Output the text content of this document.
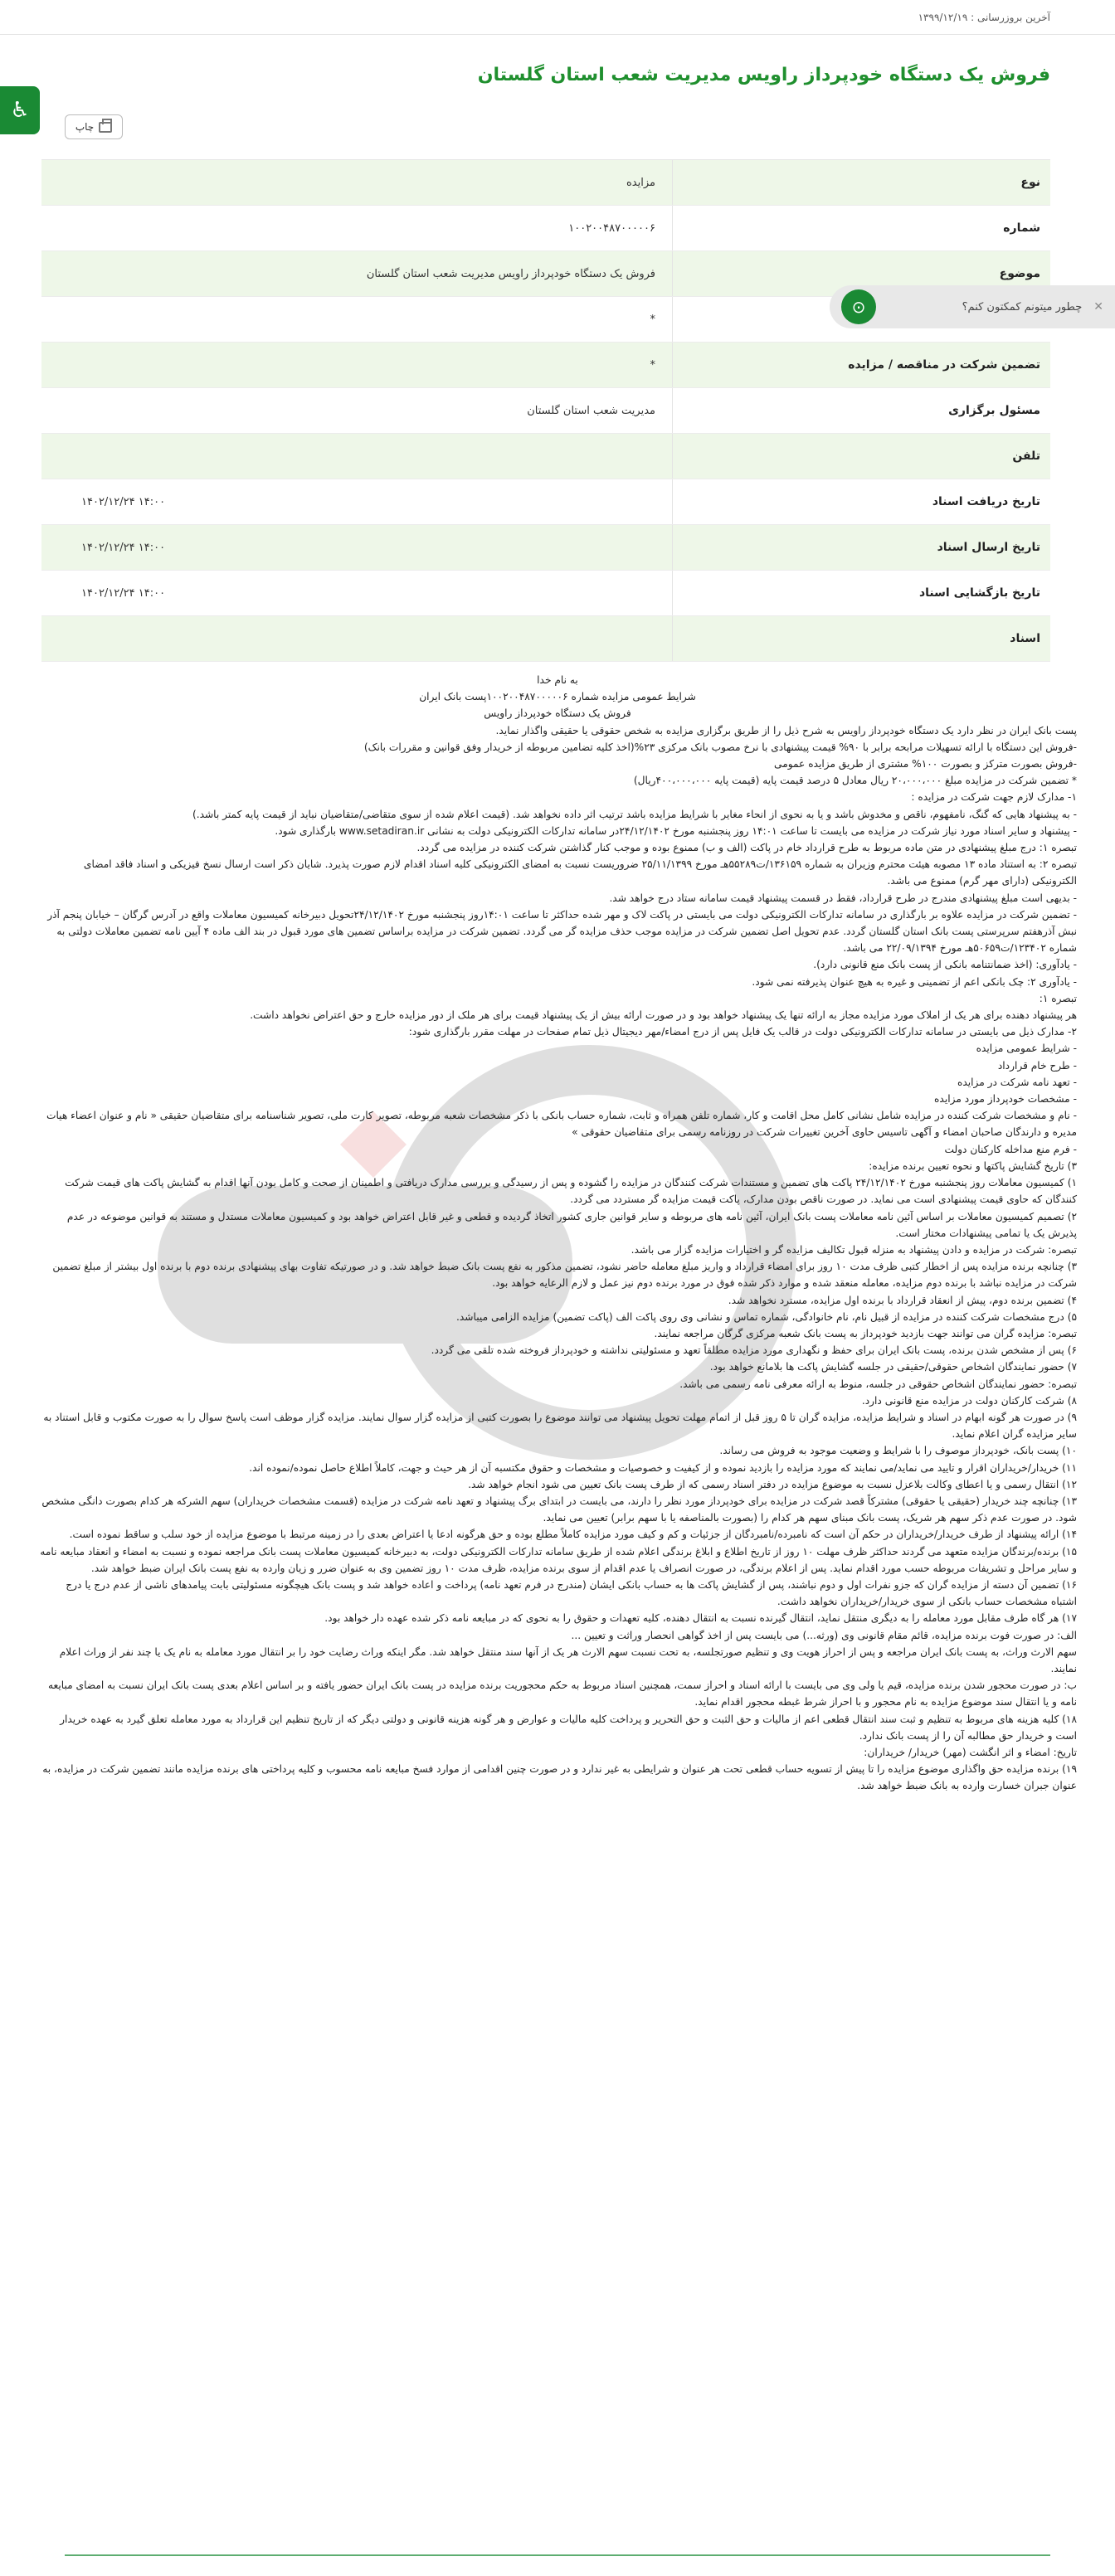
آخرین بروزرسانی : ۱۳۹۹/۱۲/۱۹
♿
فروش یک دستگاه خودپرداز راویس مدیریت شعب استان گلستان
چاپ
نوع
مزایده
شماره
۱۰۰۲۰۰۴۸۷۰۰۰۰۰۶
موضوع
فروش یک دستگاه خودپرداز راویس مدیریت شعب استان گلستان
*
تضمین شرکت در مناقصه / مزایده
*
مسئول برگزاری
مدیریت شعب استان گلستان
تلفن
تاریخ دریافت اسناد
۱۴:۰۰ ۱۴۰۲/۱۲/۲۴
تاریخ ارسال اسناد
۱۴:۰۰ ۱۴۰۲/۱۲/۲۴
تاریخ بازگشایی اسناد
۱۴:۰۰ ۱۴۰۲/۱۲/۲۴
اسناد
✕
چطور میتونم کمکتون کنم؟
⊙

به نام خدا

شرایط عمومی مزایده شماره ۱۰۰۲۰۰۴۸۷۰۰۰۰۰۶پست بانک ایران

فروش یک دستگاه خودپرداز راویس

پست بانک ایران در نظر دارد یک دستگاه خودپرداز راویس به شرح ذیل را از طریق برگزاری مزایده به شخص حقوقی یا حقیقی واگذار نماید.

-فروش این دستگاه با ارائه تسهیلات مرابحه برابر با ۹۰% قیمت پیشنهادی با نرخ مصوب بانک مرکزی ۲۳%(اخذ کلیه تضامین مربوطه از خریدار وفق قوانین و مقررات بانک)

-فروش بصورت مترکز و بصورت ۱۰۰% مشتری از طریق مزایده عمومی

* تضمین شرکت در مزایده مبلغ ۲۰،۰۰۰،۰۰۰ ریال معادل ۵ درصد قیمت پایه (قیمت پایه ۴۰۰،۰۰۰،۰۰۰ریال)

۱- مدارک لازم جهت شرکت در مزایده :

- به پیشنهاد هایی که گنگ، نامفهوم، ناقص و مخدوش باشد و یا به نحوی از انحاء مغایر با شرایط مزایده باشد ترتیب اثر داده نخواهد شد. (قیمت اعلام شده از سوی متقاضی/متقاضیان نباید از قیمت پایه کمتر باشد.)

- پیشنهاد و سایر اسناد مورد نیاز شرکت در مزایده می بایست تا ساعت ۱۴:۰۱ روز پنجشنبه مورخ ۲۴/۱۲/۱۴۰۲در سامانه تدارکات الکترونیکی دولت به نشانی www.setadiran.ir بارگذاری شود.

تبصره ۱: درج مبلغ پیشنهادی در متن ماده مربوط به طرح قرارداد خام در پاکت (الف و ب) ممنوع بوده و موجب کنار گذاشتن شرکت کننده در مزایده می گردد.

تبصره ۲: به استناد ماده ۱۳ مصوبه هیئت محترم وزیران به شماره ۱۳۶۱۵۹/ت۵۵۲۸۹هـ مورخ ۲۵/۱۱/۱۳۹۹ ضروریست نسبت به امضای الکترونیکی کلیه اسناد اقدام لازم صورت پذیرد. شایان ذکر است ارسال نسخ فیزیکی و اسناد فاقد امضای الکترونیکی (دارای مهر گرم) ممنوع می باشد.

- بدیهی است مبلغ پیشنهادی مندرج در طرح قرارداد، فقط در قسمت پیشنهاد قیمت سامانه ستاد درج خواهد شد.

- تضمین شرکت در مزایده علاوه بر بارگذاری در سامانه تدارکات الکترونیکی دولت می بایستی در پاکت لاک و مهر شده حداکثر تا ساعت ۱۴:۰۱روز پنجشنبه مورخ ۲۴/۱۲/۱۴۰۲تحویل دبیرخانه کمیسیون معاملات واقع در آدرس گرگان – خیابان پنجم آذر نبش آذرهفتم سرپرستی پست بانک استان گلستان گردد. عدم تحویل اصل تضمین شرکت در مزایده موجب حذف مزایده گر می گردد. تضمین شرکت در مزایده براساس تضمین های مورد قبول در بند الف ماده ۴ آیین نامه تضمین معاملات دولتی به شماره ۱۲۳۴۰۲/ت۵۰۶۵۹هـ مورخ ۲۲/۰۹/۱۳۹۴ می باشد.

- یادآوری: (اخذ ضمانتنامه بانکی از پست بانک منع قانونی دارد).

- یادآوری ۲: چک بانکی اعم از تضمینی و غیره به هیچ عنوان پذیرفته نمی شود.

تبصره ۱:

هر پیشنهاد دهنده برای هر یک از املاک مورد مزایده مجاز به ارائه تنها یک پیشنهاد خواهد بود و در صورت ارائه بیش از یک پیشنهاد قیمت برای هر ملک از دور مزایده خارج و حق اعتراض نخواهد داشت.

۲- مدارک ذیل می بایستی در سامانه تدارکات الکترونیکی دولت در قالب یک فایل پس از درج امضاء/مهر دیجیتال ذیل تمام صفحات در مهلت مقرر بارگذاری شود:

- شرایط عمومی مزایده

- طرح خام قرارداد

- تعهد نامه شرکت در مزایده

- مشخصات خودپرداز مورد مزایده

- نام و مشخصات شرکت کننده در مزایده شامل نشانی کامل محل اقامت و کار، شماره تلفن همراه و ثابت، شماره حساب بانکی با ذکر مشخصات شعبه مربوطه، تصویر کارت ملی، تصویر شناسنامه برای متقاضیان حقیقی « نام و عنوان اعضاء هیات مدیره و دارندگان صاحبان امضاء و آگهی تاسیس حاوی آخرین تغییرات شرکت در روزنامه رسمی برای متقاضیان حقوقی »

- فرم منع مداخله کارکنان دولت

۳) تاریخ گشایش پاکتها و نحوه تعیین برنده مزایده:

۱) کمیسیون معاملات روز پنجشنبه مورخ ۲۴/۱۲/۱۴۰۲ پاکت های تضمین و مستندات شرکت کنندگان در مزایده را گشوده و پس از رسیدگی و بررسی مدارک دریافتی و اطمینان از صحت و کامل بودن آنها اقدام به گشایش پاکت های قیمت شرکت کنندگان که حاوی قیمت پیشنهادی است می نماید. در صورت ناقص بودن مدارک، پاکت قیمت مزایده گر مستردد می گردد.

۲) تصمیم کمیسیون معاملات بر اساس آئین نامه معاملات پست بانک ایران، آئین نامه های مربوطه و سایر قوانین جاری کشور اتخاذ گردیده و قطعی و غیر قابل اعتراض خواهد بود و کمیسیون معاملات مستدل و مستند به قوانین موضوعه در عدم پذیرش یک یا تمامی پیشنهادات مختار است.

تبصره: شرکت در مزایده و دادن پیشنهاد به منزله قبول تکالیف مزایده گر و اختیارات مزایده گزار می باشد.

۳) چنانچه برنده مزایده پس از اخطار کتبی ظرف مدت ۱۰ روز برای امضاء قرارداد و واریز مبلغ معامله حاضر نشود، تضمین مذکور به نفع پست بانک ضبط خواهد شد. و در صورتیکه تفاوت بهای پیشنهادی برنده دوم با برنده اول بیشتر از مبلغ تضمین شرکت در مزایده نباشد با برنده دوم مزایده، معامله منعقد شده و موارد ذکر شده فوق در مورد برنده دوم نیز عمل و لازم الرعایه خواهد بود.

۴) تضمین برنده دوم، پیش از انعقاد قرارداد با برنده اول مزایده، مسترد نخواهد شد.

۵) درج مشخصات شرکت کننده در مزایده از قبیل نام، نام خانوادگی، شماره تماس و نشانی وی روی پاکت الف (پاکت تضمین) مزایده الزامی میباشد.

تبصره: مزایده گران می توانند جهت بازدید خودپرداز به پست بانک شعبه مرکزی گرگان مراجعه نمایند.

۶) پس از مشخص شدن برنده، پست بانک ایران برای حفظ و نگهداری مورد مزایده مطلقاً تعهد و مسئولیتی نداشته و خودپرداز فروخته شده تلقی می گردد.

۷) حضور نمایندگان اشخاص حقوقی/حقیقی در جلسه گشایش پاکت ها بلامانع خواهد بود.

تبصره: حضور نمایندگان اشخاص حقوقی در جلسه، منوط به ارائه معرفی نامه رسمی می باشد.

۸) شرکت کارکنان دولت در مزایده منع قانونی دارد.

۹) در صورت هر گونه ابهام در اسناد و شرایط مزایده، مزایده گران تا ۵ روز قبل از اتمام مهلت تحویل پیشنهاد می توانند موضوع را بصورت کتبی از مزایده گزار سوال نمایند. مزایده گزار موظف است پاسخ سوال را به صورت مکتوب و قابل استناد به سایر مزایده گران اعلام نماید.

۱۰) پست بانک، خودپرداز موصوف را با شرایط و وضعیت موجود به فروش می رساند.

۱۱) خریدار/خریداران اقرار و تایید می نماید/می نمایند که مورد مزایده را بازدید نموده و از کیفیت و خصوصیات و مشخصات و حقوق مکتسبه آن از هر حیث و جهت، کاملاً اطلاع حاصل نموده/نموده اند.

۱۲) انتقال رسمی و یا اعطای وکالت بلاعزل نسبت به موضوع مزایده در دفتر اسناد رسمی که از طرف پست بانک تعیین می شود انجام خواهد شد.

۱۳) چنانچه چند خریدار (حقیقی یا حقوقی) مشترکاً قصد شرکت در مزایده برای خودپرداز مورد نظر را دارند، می بایست در ابتدای برگ پیشنهاد و تعهد نامه شرکت در مزایده (قسمت مشخصات خریداران) سهم الشرکه هر کدام بصورت دانگی مشخص شود. در صورت عدم ذکر سهم هر شریک، پست بانک مبنای سهم هر کدام را (بصورت بالمناصفه یا با سهم برابر) تعیین می نماید.

۱۴) ارائه پیشنهاد از طرف خریدار/خریداران در حکم آن است که نامبرده/نامبردگان از جزئیات و کم و کیف مورد مزایده کاملاً مطلع بوده و حق هرگونه ادعا یا اعتراض بعدی را در زمینه مرتبط با موضوع مزایده از خود سلب و ساقط نموده است.

۱۵) برنده/برندگان مزایده متعهد می گردند حداکثر ظرف مهلت ۱۰ روز از تاریخ اطلاع و ابلاغ برندگی اعلام شده از طریق سامانه تدارکات الکترونیکی دولت، به دبیرخانه کمیسیون معاملات پست بانک مراجعه نموده و نسبت به امضاء و انعقاد مبایعه نامه و سایر مراحل و تشریفات مربوطه حسب مورد اقدام نماید. پس از اعلام برندگی، در صورت انصراف یا عدم اقدام از سوی برنده مزایده، ظرف مدت ۱۰ روز تضمین وی به عنوان ضرر و زیان وارده به نفع پست بانک ایران ضبط خواهد شد.

۱۶) تضمین آن دسته از مزایده گران که جزو نفرات اول و دوم نباشند، پس از گشایش پاکت ها به حساب بانکی ایشان (مندرج در فرم تعهد نامه) پرداخت و اعاده خواهد شد و پست بانک هیچگونه مسئولیتی بابت پیامدهای ناشی از عدم درج یا درج اشتباه مشخصات حساب بانکی از سوی خریدار/خریداران نخواهد داشت.

۱۷) هر گاه طرف مقابل مورد معامله را به دیگری منتقل نماید، انتقال گیرنده نسبت به انتقال دهنده، کلیه تعهدات و حقوق را به نحوی که در مبایعه نامه ذکر شده عهده دار خواهد بود.

الف: در صورت فوت برنده مزایده، قائم مقام قانونی وی (ورثه...) می بایست پس از اخذ گواهی انحصار وراثت و تعیین ...

سهم الارث وراث، به پست بانک ایران مراجعه و پس از احراز هویت وی و تنظیم صورتجلسه، به تحت نسبت سهم الارث هر یک از آنها سند منتقل خواهد شد. مگر اینکه وراث رضایت خود را بر انتقال مورد معامله به نام یک یا چند نفر از وراث اعلام نمایند.

ب: در صورت محجور شدن برنده مزایده، قیم یا ولی وی می بایست با ارائه اسناد و احراز سمت، همچنین اسناد مربوط به حکم محجوریت برنده مزایده در پست بانک ایران حضور یافته و بر اساس اعلام بعدی پست بانک ایران نسبت به امضای مبایعه نامه و یا انتقال سند موضوع مزایده به نام محجور و با احراز شرط غبطه محجور اقدام نماید.

۱۸) کلیه هزینه های مربوط به تنظیم و ثبت سند انتقال قطعی اعم از مالیات و حق الثبت و حق التحریر و پرداخت کلیه مالیات و عوارض و هر گونه هزینه قانونی و دولتی دیگر که از تاریخ تنظیم این قرارداد به مورد معامله تعلق گیرد به عهده خریدار است و خریدار حق مطالبه آن را از پست بانک ندارد.

تاریخ: امضاء و اثر انگشت (مهر) خریدار/ خریداران:

۱۹) برنده مزایده حق واگذاری موضوع مزایده را تا پیش از تسویه حساب قطعی تحت هر عنوان و شرایطی به غیر ندارد و در صورت چنین اقدامی از موارد فسخ مبایعه نامه محسوب و کلیه پرداختی های برنده مزایده مانند تضمین شرکت در مزایده، به عنوان جبران خسارت وارده به بانک ضبط خواهد شد.
